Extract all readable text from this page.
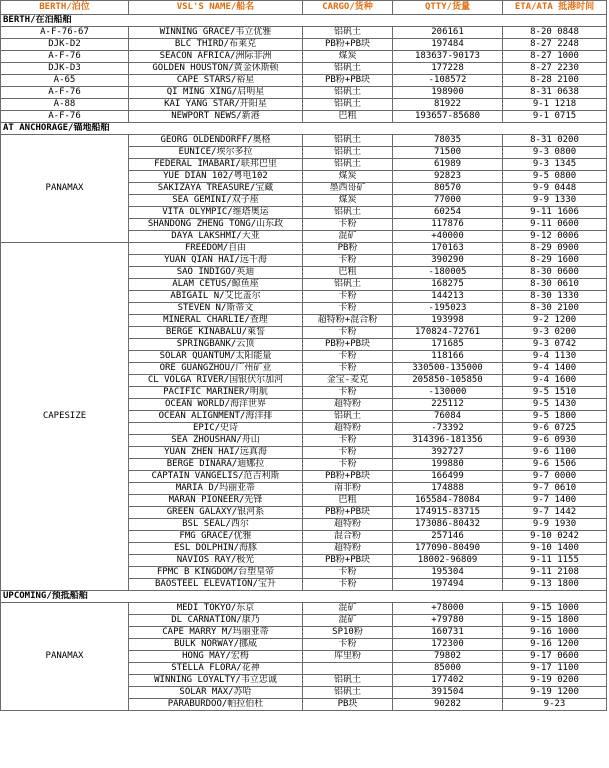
BERTH/泊位	VSL'S NAME/船名	CARGO/货种	QTTY/货量	ETA/ATA 抵港时间
BERTH/在泊船舶				
A-F-76-67	WINNING GRACE/韦立优雅	铝矾土	206161	8-20 0848
DJK-D2	BLC THIRD/布莱克	PB粉+PB块	197484	8-27 2248
A-F-76	SEACON AFRICA/洲际非洲	煤炭	183637-90173	8-27 1000
DJK-D3	GOLDEN HOUSTON/黄金休斯顿	铝矾土	177228	8-27 2230
A-65	CAPE STARS/裕星	PB粉+PB块	-108572	8-28 2100
A-F-76	QI MING XING/启明星	铝矾土	198900	8-31 0638
A-88	KAI YANG STAR/开阳星	铝矾土	81922	9-1 1218
A-F-76	NEWPORT NEWS/新港	巴粗	193657-85680	9-1 0715
AT ANCHORAGE/锚地船舶				
PANAMAX	GEORG OLDENDORFF/奥格	铝矾土	78035	8-31 0200
	EUNICE/埃尔多拉	铝矾土	71500	9-3 0800
	FEDERAL IMABARI/联邦巴里	铝矾土	61989	9-3 1345
	YUE DIAN 102/粤电102	煤炭	92823	9-5 0800
	SAKIZAYA TREASURE/宝藏	墨西哥矿	80570	9-9 0448
	SEA GEMINI/双子座	煤炭	77000	9-9 1330
	VITA OLYMPIC/维塔奥运	铝矾土	60254	9-11 1606
	SHANDONG ZHENG TONG/山东政	卡粉	117876	9-11 0600
	DAYA LAKSHMI/大亚	混矿	+40000	9-12 0006
CAPESIZE	FREEDOM/自由	PB粉	170163	8-29 0900
	YUAN QIAN HAI/远千海	卡粉	390290	8-29 1600
	SAO INDIGO/英迪	巴粗	-180005	8-30 0600
	ALAM CETUS/鲸鱼座	铝矾土	168275	8-30 0610
	ABIGAIL N/艾比盖尔	卡粉	144213	8-30 1330
	STEVEN N/斯蒂文	卡粉	-195023	8-30 2100
	MINERAL CHARLIE/查理	超特粉+混合粉	193998	9-2 1200
	BERGE KINABALU/萊誓	卡粉	170824-72761	9-3 0200
	SPRINGBANK/云顶	PB粉+PB块	171685	9-3 0742
	SOLAR QUANTUM/太阳能量	卡粉	118166	9-4 1130
	ORE GUANGZHOU/广州矿业	卡粉	330500-135000	9-4 1400
	CL VOLGA RIVER/国银伏尔加河	金宝-麦克	205850-105850	9-4 1600
	PACIFIC MARINER/明航	卡粉	-130000	9-5 1510
	OCEAN WORLD/海洋世界	超特粉	225112	9-5 1430
	OCEAN ALIGNMENT/海洋排	铝矾土	76084	9-5 1800
	EPIC/史诗	超特粉	-73392	9-6 0725
	SEA ZHOUSHAN/舟山	卡粉	314396-181356	9-6 0930
	YUAN ZHEN HAI/远真海	卡粉	392727	9-6 1100
	BERGE DINARA/迪娜拉	卡粉	199880	9-6 1506
	CAPTAIN VANGELIS/范吉利斯	PB粉+PB块	166499	9-7 0000
	MARIA D/玛丽亚蒂	南非粉	174888	9-7 0610
	MARAN PIONEER/先锋	巴粗	165584-78084	9-7 1400
	GREEN GALAXY/银河系	PB粉+PB块	174915-83715	9-7 1442
	BSL SEAL/西尔	超特粉	173086-80432	9-9 1930
	FMG GRACE/优雅	混合粉	257146	9-10 0242
	ESL DOLPHIN/海豚	超特粉	177090-80490	9-10 1400
	NAVIOS RAY/极光	PB粉+PB块	18002-96809	9-11 1155
	FPMC B KINGDOM/台塑皇帝	卡粉	195304	9-11 2108
	BAOSTEEL ELEVATION/宝升	卡粉	197494	9-13 1800
UPCOMING/预抵船舶				
PANAMAX	MEDI TOKYO/东京	混矿	+78000	9-15 1000
	DL CARNATION/康乃	混矿	+79780	9-15 1800
	CAPE MARRY M/玛丽亚蒂	SP10粉	160731	9-16 1000
	BULK NORWAY/挪威	卡粉	172300	9-16 1200
	HONG MAY/宏梅	库里粉	79802	9-17 0600
	STELLA FLORA/花神		85000	9-17 1100
	WINNING LOYALTY/韦立忠诚	铝矾土	177402	9-19 0200
	SOLAR MAX/苏哈	铝矾土	391504	9-19 1200
	PARABURDOO/帕拉伯杜	PB块	90282	9-23
